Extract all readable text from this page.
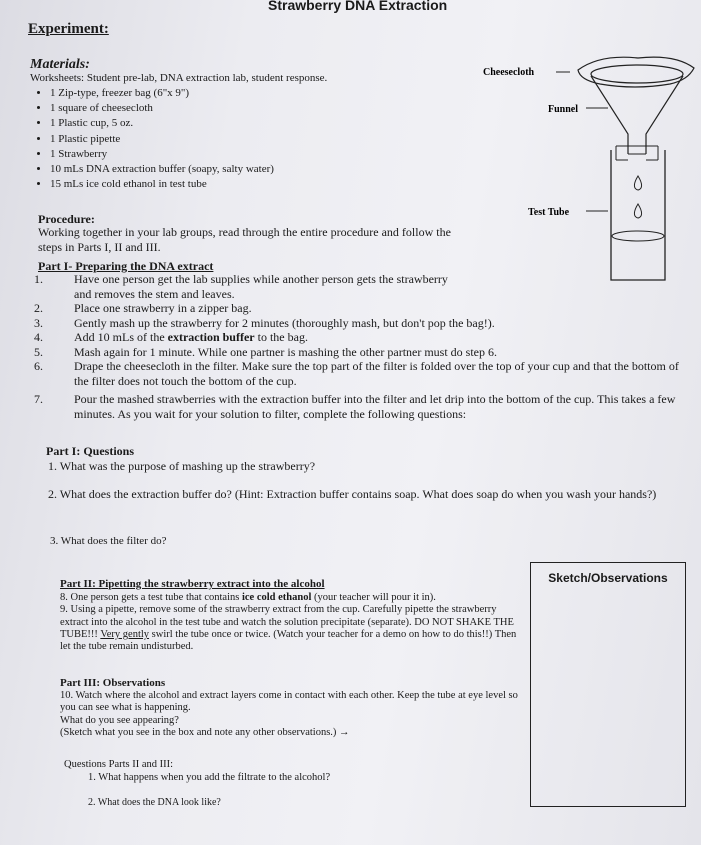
Strawberry DNA Extraction
Experiment:
Materials:
Worksheets: Student pre-lab, DNA extraction lab, student response.
• 1 Zip-type, freezer bag (6"x 9")
• 1 square of cheesecloth
• 1 Plastic cup, 5 oz.
• 1 Plastic pipette
• 1 Strawberry
• 10 mLs DNA extraction buffer (soapy, salty water)
• 15 mLs ice cold ethanol in test tube
Cheesecloth
Funnel
Test Tube
Procedure:
Working together in your lab groups, read through the entire procedure and follow the steps in Parts I, II and III.
Part I- Preparing the DNA extract
1.	Have one person get the lab supplies while another person gets the strawberry and removes the stem and leaves.
2.	Place one strawberry in a zipper bag.
3.	Gently mash up the strawberry for 2 minutes (thoroughly mash, but don't pop the bag!).
4.	Add 10 mLs of the extraction buffer to the bag.
5.	Mash again for 1 minute. While one partner is mashing the other partner must do step 6.
6.	Drape the cheesecloth in the filter. Make sure the top part of the filter is folded over the top of your cup and that the bottom of the filter does not touch the bottom of the cup.
7.	Pour the mashed strawberries with the extraction buffer into the filter and let drip into the bottom of the cup. This takes a few minutes. As you wait for your solution to filter, complete the following questions:
Part I: Questions
1. What was the purpose of mashing up the strawberry?
2. What does the extraction buffer do? (Hint: Extraction buffer contains soap. What does soap do when you wash your hands?)
3. What does the filter do?
Part II: Pipetting the strawberry extract into the alcohol
8. One person gets a test tube that contains ice cold ethanol (your teacher will pour it in).
9. Using a pipette, remove some of the strawberry extract from the cup. Carefully pipette the strawberry extract into the alcohol in the test tube and watch the solution precipitate (separate). DO NOT SHAKE THE TUBE!!! Very gently swirl the tube once or twice. (Watch your teacher for a demo on how to do this!!) Then let the tube remain undisturbed.
Part III: Observations
10. Watch where the alcohol and extract layers come in contact with each other. Keep the tube at eye level so you can see what is happening.
What do you see appearing?
(Sketch what you see in the box and note any other observations.) →
Questions Parts II and III:
1. What happens when you add the filtrate to the alcohol?
2. What does the DNA look like?
Sketch/Observations
